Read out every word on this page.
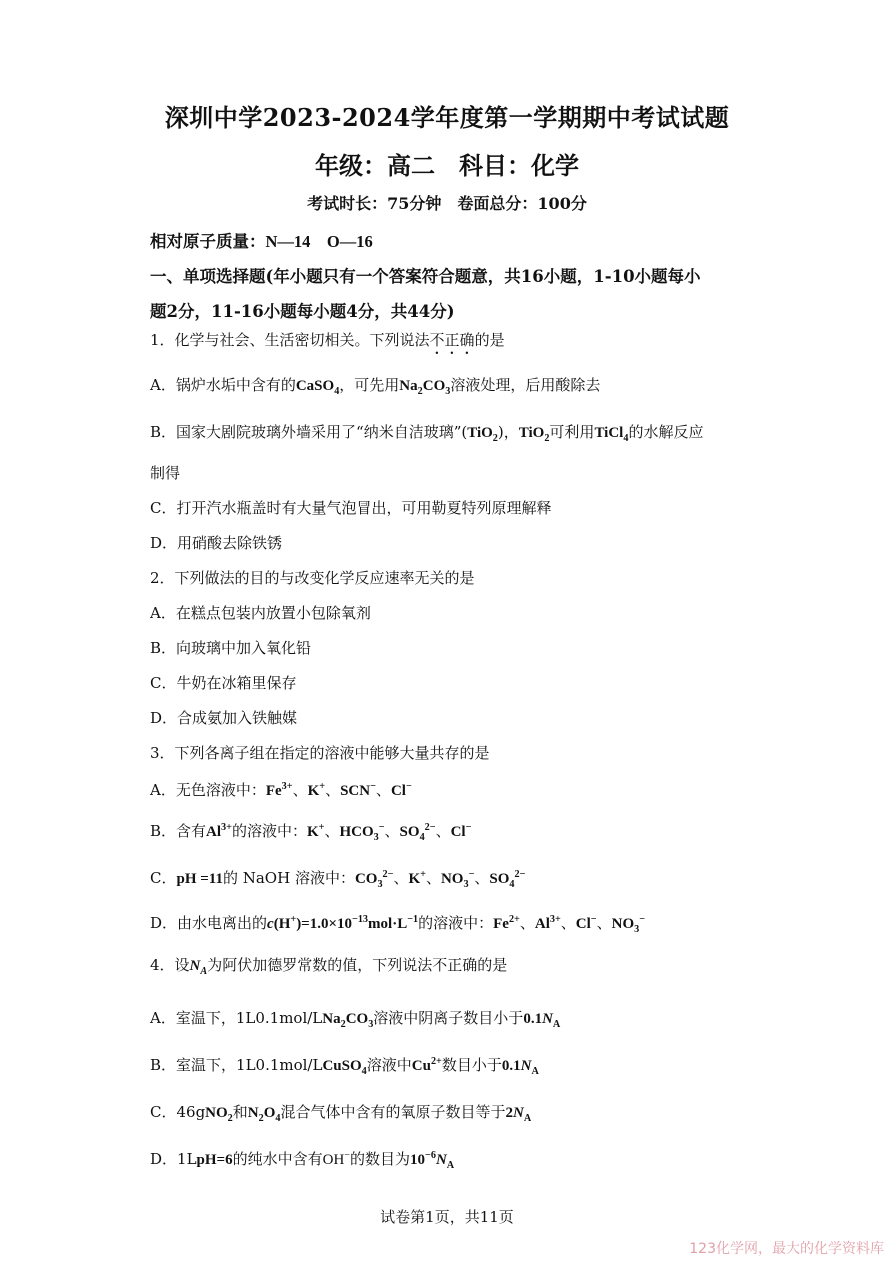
深圳中学2023-2024学年度第一学期期中考试试题
年级：高二　科目：化学
考试时长：75分钟　卷面总分：100分
相对原子质量：N—14　O—16
一、单项选择题(年小题只有一个答案符合题意，共16小题，1-10小题每小
题2分，11-16小题每小题4分，共44分)
1．化学与社会、生活密切相关。下列说法不正确的是
A．锅炉水垢中含有的CaSO$_4$，可先用$Na_2CO_3$溶液处理，后用酸除去
B．国家大剧院玻璃外墙采用了“纳米自洁玻璃”(TiO$_2$)，TiO$_2$可利用TiCl$_4$的水解反应
制得
C．打开汽水瓶盖时有大量气泡冒出，可用勒夏特列原理解释
D．用硝酸去除铁锈
2．下列做法的目的与改变化学反应速率无关的是
A．在糕点包装内放置小包除氧剂
B．向玻璃中加入氧化铅
C．牛奶在冰箱里保存
D．合成氨加入铁触媒
3．下列各离子组在指定的溶液中能够大量共存的是
A．无色溶液中：$Fe^{3+}$、K+、SCN−、Cl−
B．含有$Al^{3+}$的溶液中：K+、$HCO_3^-$、$SO_4^{2-}$、Cl−
C．pH =11的 NaOH 溶液中：$CO_3^{2-}$、K+、$NO_3^-$、$SO_4^{2-}$
D．由水电离出的$c(H^+)=1.0\times 10^{-13}mol\cdot L^{-1}$的溶液中：$Fe^{2+}$、$Al^{3+}$、Cl−、$NO_3^-$
4．设$N_A$为阿伏加德罗常数的值，下列说法不正确的是
A．室温下，$1L0.1mol/LNa_2CO_3$溶液中阴离子数目小于$0.1N_A$
B．室温下，1L0.1mol/LCuSO$_4$溶液中$Cu^{2+}$数目小于$0.1N_A$
C．46gNO$_2$和$N_2O_4$混合气体中含有的氧原子数目等于$2N_A$
D．1LpH=6的纯水中含有OH−的数目为$10^{-6}N_A$
试卷第1页，共11页
123化学网，最大的化学资料库
